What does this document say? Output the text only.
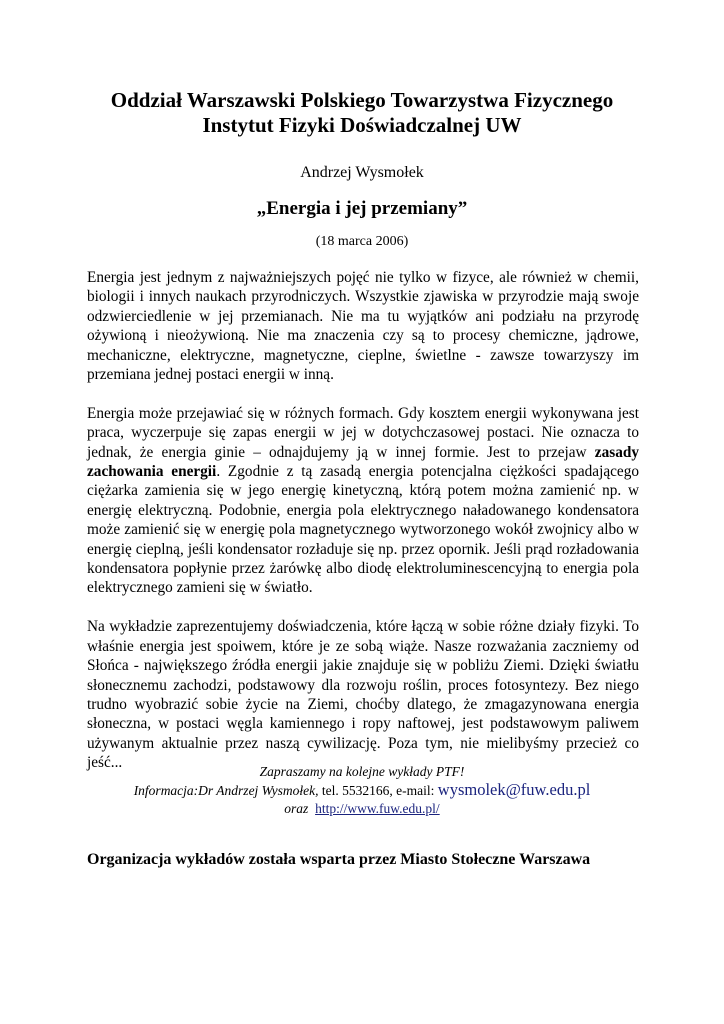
Oddział Warszawski Polskiego Towarzystwa Fizycznego

Instytut Fizyki Doświadczalnej UW

Andrzej Wysmołek
„Energia i jej przemiany”
(18 marca 2006)

Energia jest jednym z najważniejszych pojęć nie tylko w fizyce, ale również w chemii, biologii i innych naukach przyrodniczych. Wszystkie zjawiska w przyrodzie mają swoje odzwierciedlenie w jej przemianach. Nie ma tu wyjątków ani podziału na przyrodę ożywioną i nieożywioną. Nie ma znaczenia czy są to procesy chemiczne, jądrowe, mechaniczne, elektryczne, magnetyczne, cieplne, świetlne - zawsze towarzyszy im przemiana jednej postaci energii w inną.

Energia może przejawiać się w różnych formach. Gdy kosztem energii wykonywana jest praca, wyczerpuje się zapas energii w jej w dotychczasowej postaci. Nie oznacza to jednak, że energia ginie – odnajdujemy ją w innej formie. Jest to przejaw zasady zachowania energii. Zgodnie z tą zasadą energia potencjalna ciężkości spadającego ciężarka zamienia się w jego energię kinetyczną, którą potem można zamienić np. w energię elektryczną. Podobnie, energia pola elektrycznego naładowanego kondensatora może zamienić się w energię pola magnetycznego wytworzonego wokół zwojnicy albo w energię cieplną, jeśli kondensator rozładuje się np. przez opornik. Jeśli prąd rozładowania kondensatora popłynie przez żarówkę albo diodę elektroluminescencyjną to energia pola elektrycznego zamieni się w światło.

Na wykładzie zaprezentujemy doświadczenia, które łączą w sobie różne działy fizyki. To właśnie energia jest spoiwem, które je ze sobą wiąże. Nasze rozważania zaczniemy od Słońca - największego źródła energii jakie znajduje się w pobliżu Ziemi. Dzięki światłu słonecznemu zachodzi, podstawowy dla rozwoju roślin, proces fotosyntezy. Bez niego trudno wyobrazić sobie życie na Ziemi, choćby dlatego, że zmagazynowana energia słoneczna, w postaci węgla kamiennego i ropy naftowej, jest podstawowym paliwem używanym aktualnie przez naszą cywilizację. Poza tym, nie mielibyśmy przecież co jeść...

Zapraszamy na kolejne wykłady PTF!

Informacja:Dr Andrzej Wysmołek, tel. 5532166, e-mail: wysmolek@fuw.edu.pl

oraz http://www.fuw.edu.pl/

Organizacja wykładów została wsparta przez Miasto Stołeczne Warszawa
